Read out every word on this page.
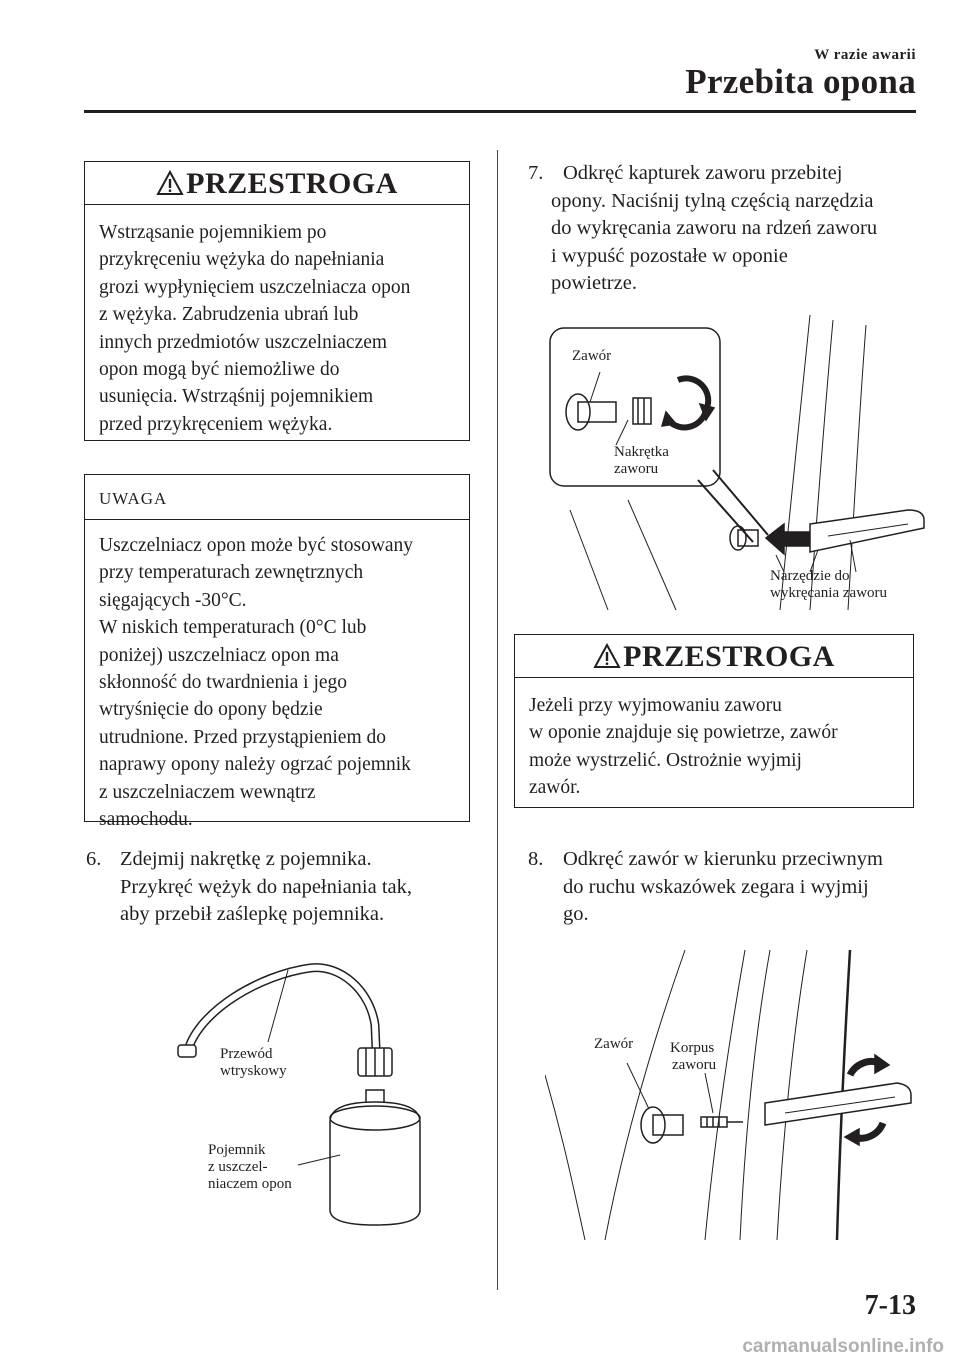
W razie awarii
Przebita opona
PRZESTROGA
Wstrząsanie pojemnikiem po
przykręceniu wężyka do napełniania
grozi wypłynięciem uszczelniacza opon
z wężyka. Zabrudzenia ubrań lub
innych przedmiotów uszczelniaczem
opon mogą być niemożliwe do
usunięcia. Wstrząśnij pojemnikiem
przed przykręceniem wężyka.
UWAGA
Uszczelniacz opon może być stosowany
przy temperaturach zewnętrznych
sięgających -30°C.
W niskich temperaturach (0°C lub
poniżej) uszczelniacz opon ma
skłonność do twardnienia i jego
wtryśnięcie do opony będzie
utrudnione. Przed przystąpieniem do
naprawy opony należy ogrzać pojemnik
z uszczelniaczem wewnątrz
samochodu.
6. Zdejmij nakrętkę z pojemnika.
Przykręć wężyk do napełniania tak,
aby przebił zaślepkę pojemnika.
Przewód
wtryskowy
Pojemnik
z uszczel-
niaczem opon
7. Odkręć kapturek zaworu przebitej
opony. Naciśnij tylną częścią narzędzia
do wykręcania zaworu na rdzeń zaworu
i wypuść pozostałe w oponie
powietrze.
Zawór
Nakrętka
zaworu
Narzędzie do
wykręcania zaworu
PRZESTROGA
Jeżeli przy wyjmowaniu zaworu
w oponie znajduje się powietrze, zawór
może wystrzelić. Ostrożnie wyjmij
zawór.
8. Odkręć zawór w kierunku przeciwnym
do ruchu wskazówek zegara i wyjmij
go.
Zawór Korpus
zaworu
7-13
carmanualsonline.info
